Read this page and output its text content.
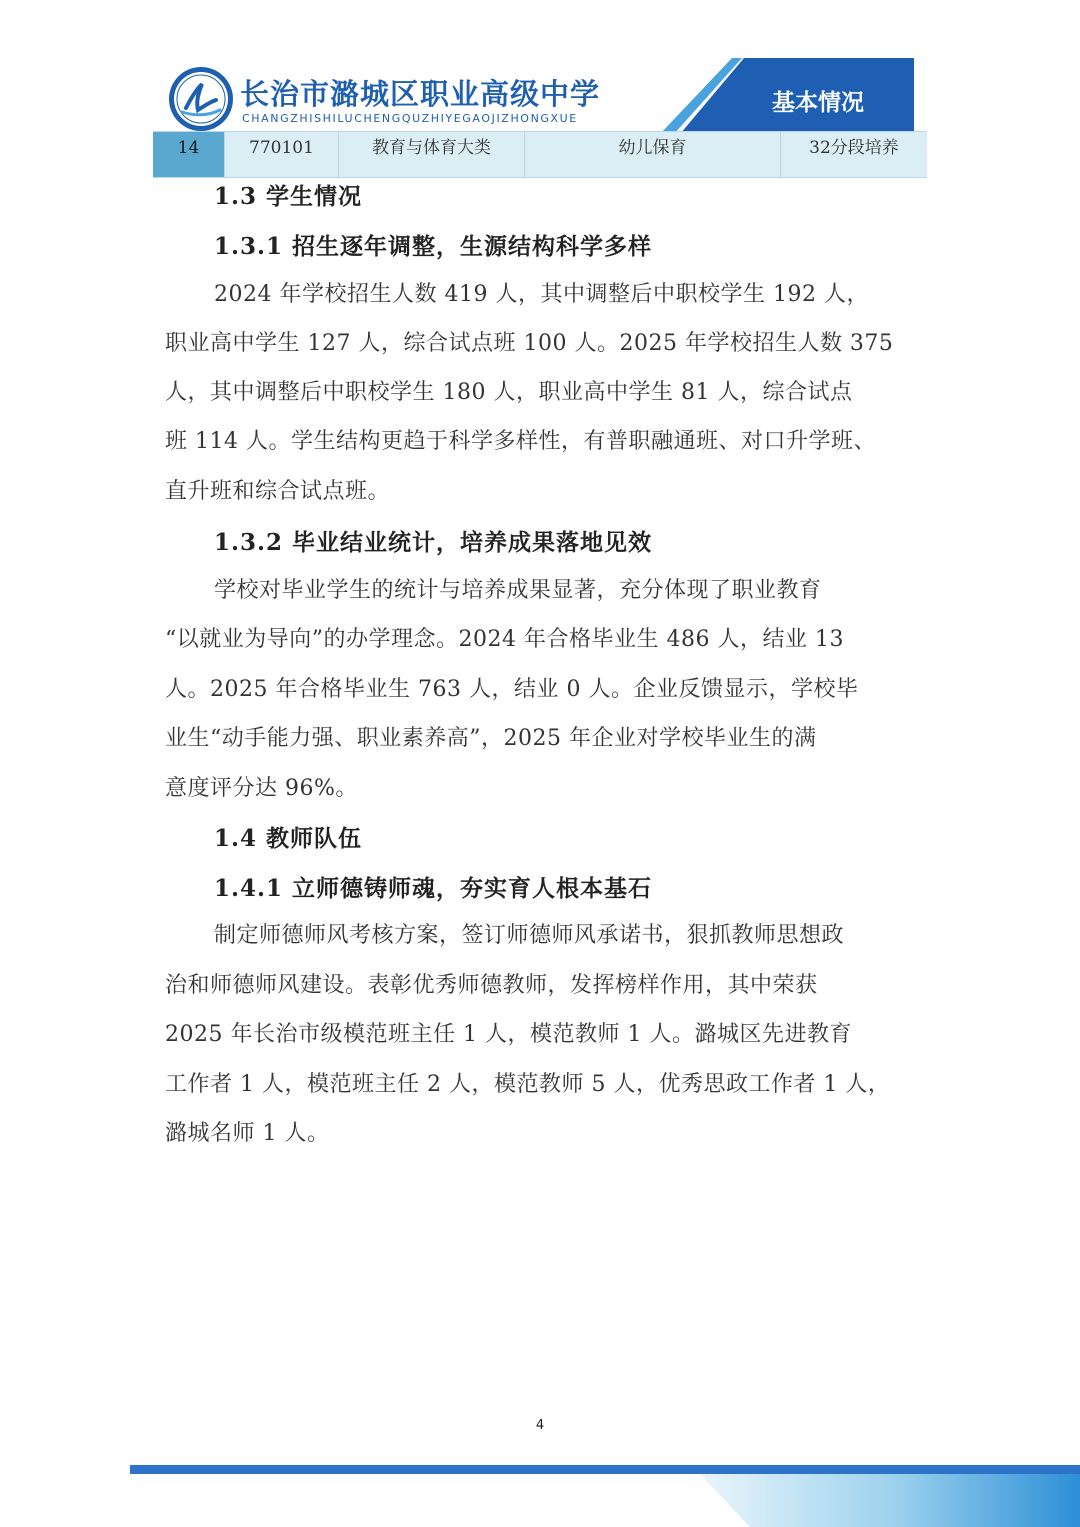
长治市潞城区职业高级中学
CHANGZHISHILUCHENGQUZHIYEGAOJIZHONGXUE
基本情况
14	770101	教育与体育大类	幼儿保育	32分段培养
1.3 学生情况
1.3.1 招生逐年调整，生源结构科学多样
2024 年学校招生人数 419 人，其中调整后中职校学生 192 人，
职业高中学生 127 人，综合试点班 100 人。2025 年学校招生人数 375
人，其中调整后中职校学生 180 人，职业高中学生 81 人，综合试点
班 114 人。学生结构更趋于科学多样性，有普职融通班、对口升学班、
直升班和综合试点班。
1.3.2 毕业结业统计，培养成果落地见效
学校对毕业学生的统计与培养成果显著，充分体现了职业教育
“以就业为导向”的办学理念。2024 年合格毕业生 486 人，结业 13
人。2025 年合格毕业生 763 人，结业 0 人。企业反馈显示，学校毕
业生“动手能力强、职业素养高”，2025 年企业对学校毕业生的满
意度评分达 96%。
1.4 教师队伍
1.4.1 立师德铸师魂，夯实育人根本基石
制定师德师风考核方案，签订师德师风承诺书，狠抓教师思想政
治和师德师风建设。表彰优秀师德教师，发挥榜样作用，其中荣获
2025 年长治市级模范班主任 1 人，模范教师 1 人。潞城区先进教育
工作者 1 人，模范班主任 2 人，模范教师 5 人，优秀思政工作者 1 人，
潞城名师 1 人。
4
